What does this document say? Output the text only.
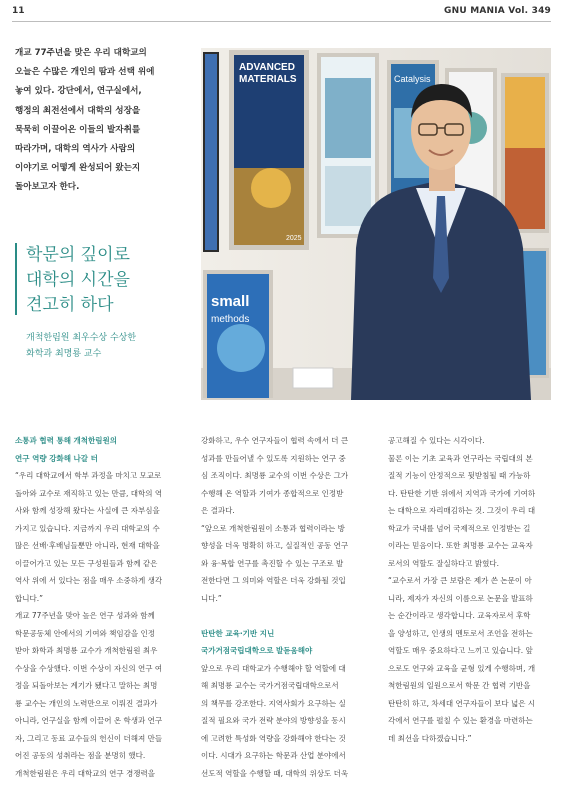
11	GNU MANIA Vol. 349

개교 77주년을 맞은 우리 대학교의

오늘은 수많은 개인의 땀과 선택 위에

놓여 있다. 강단에서, 연구실에서,

행정의 최전선에서 대학의 성장을

묵묵히 이끌어온 이들의 발자취를

따라가며, 대학의 역사가 사람의

이야기로 어떻게 완성되어 왔는지

돌아보고자 한다.

학문의 깊이로

대학의 시간을

견고히 하다

개척한림원 최우수상 수상한

화학과 최명룡 교수

ADVANCED
MATERIALS
2025
Catalysis
small
methods

소통과 협력 통해 개척한림원의

연구 역량 강화해 나갈 터

“우리 대학교에서 학부 과정을 마치고 모교로

돌아와 교수로 재직하고 있는 만큼, 대학의 역

사와 함께 성장해 왔다는 사실에 큰 자부심을

가지고 있습니다. 지금까지 우리 대학교의 수

많은 선배·후배님들뿐만 아니라, 현재 대학을

이끌어가고 있는 모든 구성원들과 함께 같은

역사 위에 서 있다는 점을 매우 소중하게 생각

합니다.”

개교 77주년을 맞아 높은 연구 성과와 함께

학문공동체 안에서의 기여와 책임감을 인정

받아 화학과 최명룡 교수가 개척한림원 최우

수상을 수상했다. 이번 수상이 자신의 연구 여

정을 되돌아보는 계기가 됐다고 말하는 최명

룡 교수는 개인의 노력만으로 이뤄진 결과가

아니라, 연구실을 함께 이끌어 온 학생과 연구

자, 그리고 동료 교수들의 헌신이 더해져 만들

어진 공동의 성취라는 점을 분명히 했다.

개척한림원은 우리 대학교의 연구 경쟁력을

강화하고, 우수 연구자들이 협력 속에서 더 큰

성과를 만들어낼 수 있도록 지원하는 연구 중

심 조직이다. 최명룡 교수의 이번 수상은 그가

수행해 온 역할과 기여가 종합적으로 인정받

은 결과다.

“앞으로 개척한림원이 소통과 협력이라는 방

향성을 더욱 명확히 하고, 실질적인 공동 연구

와 융·복합 연구를 촉진할 수 있는 구조로 발

전한다면 그 의미와 역할은 더욱 강화될 것입

니다.”

탄탄한 교육·기반 지닌

국가거점국립대학으로 발돋움해야

앞으로 우리 대학교가 수행해야 할 역할에 대

해 최명룡 교수는 국가거점국립대학으로서

의 책무를 강조한다. 지역사회가 요구하는 실

질적 필요와 국가 전략 분야의 방향성을 동시

에 고려한 특성화 역량을 강화해야 한다는 것

이다. 시대가 요구하는 학문과 산업 분야에서

선도적 역할을 수행할 때, 대학의 위상도 더욱

공고해질 수 있다는 시각이다.

물론 이는 기초 교육과 연구라는 국립대의 본

질적 기능이 안정적으로 뒷받침될 때 가능하

다. 탄탄한 기반 위에서 지역과 국가에 기여하

는 대학으로 자리매김하는 것. 그것이 우리 대

학교가 국내를 넘어 국제적으로 인정받는 길

이라는 믿음이다. 또한 최명룡 교수는 교육자

로서의 역할도 잘실하다고 밝혔다.

“교수로서 가장 큰 보람은 제가 쓴 논문이 아

니라, 제자가 자신의 이름으로 논문을 발표하

는 순간이라고 생각합니다. 교육자로서 후학

을 양성하고, 인생의 멘토로서 조언을 전하는

역할도 매우 중요하다고 느끼고 있습니다. 앞

으로도 연구와 교육을 균형 있게 수행하며, 개

척한림원의 일원으로서 학문 간 협력 기반을

탄탄히 하고, 차세대 연구자들이 보다 넓은 시

각에서 연구를 펼칠 수 있는 환경을 마련하는

데 최선을 다하겠습니다.”
